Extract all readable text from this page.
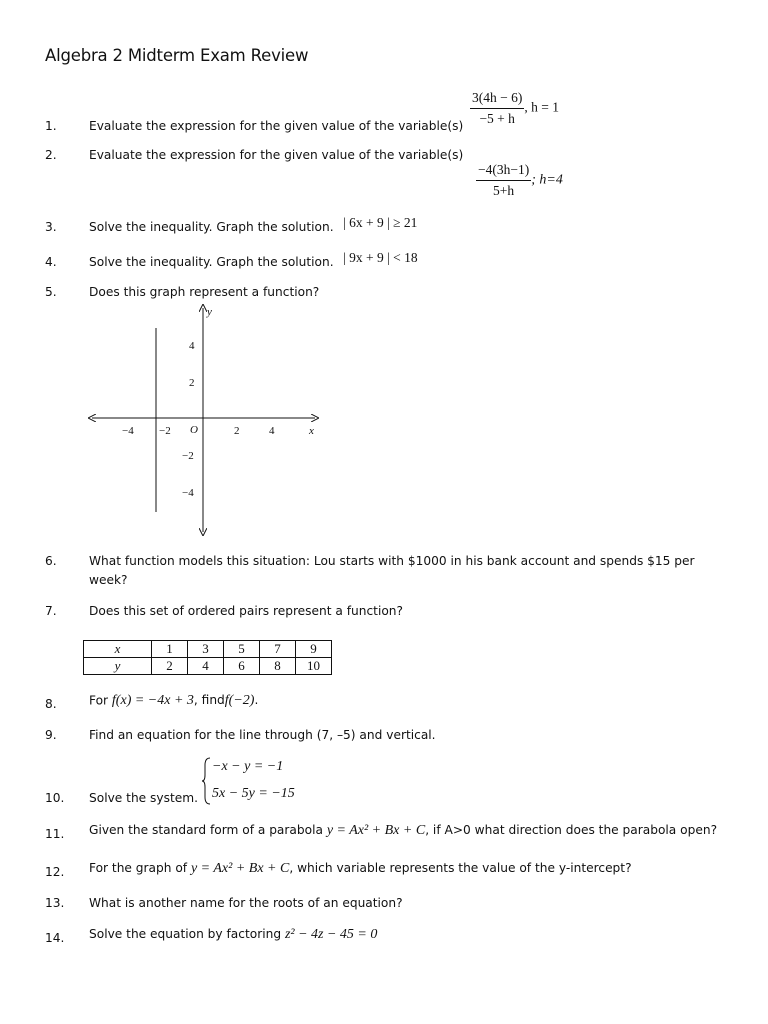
Algebra 2 Midterm Exam Review
1.	Evaluate the expression for the given value of the variable(s) $\frac{3(4h - 6)}{-5 + h}$ , h = 1
2.	Evaluate the expression for the given value of the variable(s)
$\frac{-4(3h-1)}{5+h}$ ; h=4
3.	Solve the inequality. Graph the solution. | 6x + 9 | ≥ 21
4.	Solve the inequality. Graph the solution. | 9x + 9 | < 18
5.	Does this graph represent a function?
y
x
O
−4 −2	2	4
4
2
−2
−4
6.	What function models this situation: Lou starts with $1000 in his bank account and spends $15 per
week?
7.	Does this set of ordered pairs represent a function?
x	1	3	5	7	9
y	2	4	6	8	10
8.	For f(x) = −4x + 3, findf(−2).
9.	Find an equation for the line through (7, –5) and vertical.
10. Solve the system.
−x − y = −1
5x − 5y = −15
11. Given the standard form of a parabola y = Ax² + Bx + C, if A>0 what direction does the parabola open?
12. For the graph of y = Ax² + Bx + C, which variable represents the value of the y-intercept?
13. What is another name for the roots of an equation?
14. Solve the equation by factoring z² − 4z − 45 = 0
